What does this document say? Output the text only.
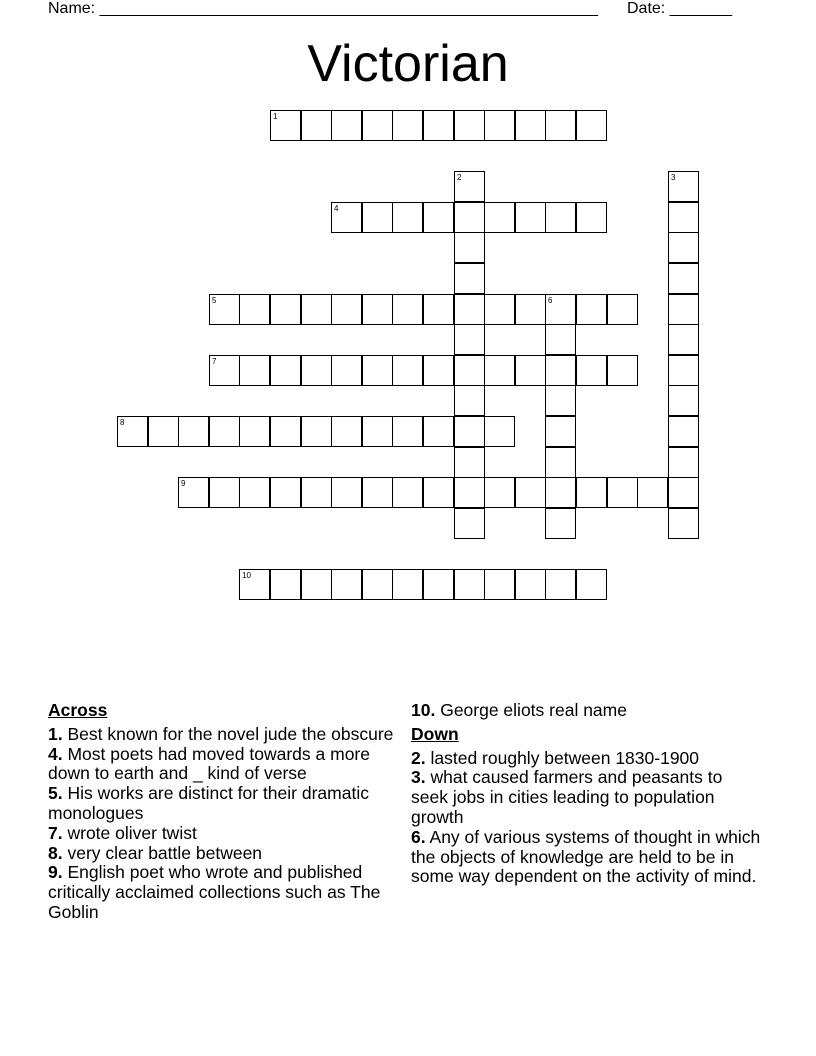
Name: ________________________________________________________ Date: _______
Victorian
1
2	3
4
5	6
7
8
9
10
Across
1. Best known for the novel jude the obscure
4. Most poets had moved towards a more down to earth and _ kind of verse
5. His works are distinct for their dramatic monologues
7. wrote oliver twist
8. very clear battle between
9. English poet who wrote and published critically acclaimed collections such as The Goblin
10. George eliots real name
Down
2. lasted roughly between 1830-1900
3. what caused farmers and peasants to seek jobs in cities leading to population growth
6. Any of various systems of thought in which the objects of knowledge are held to be in some way dependent on the activity of mind.
